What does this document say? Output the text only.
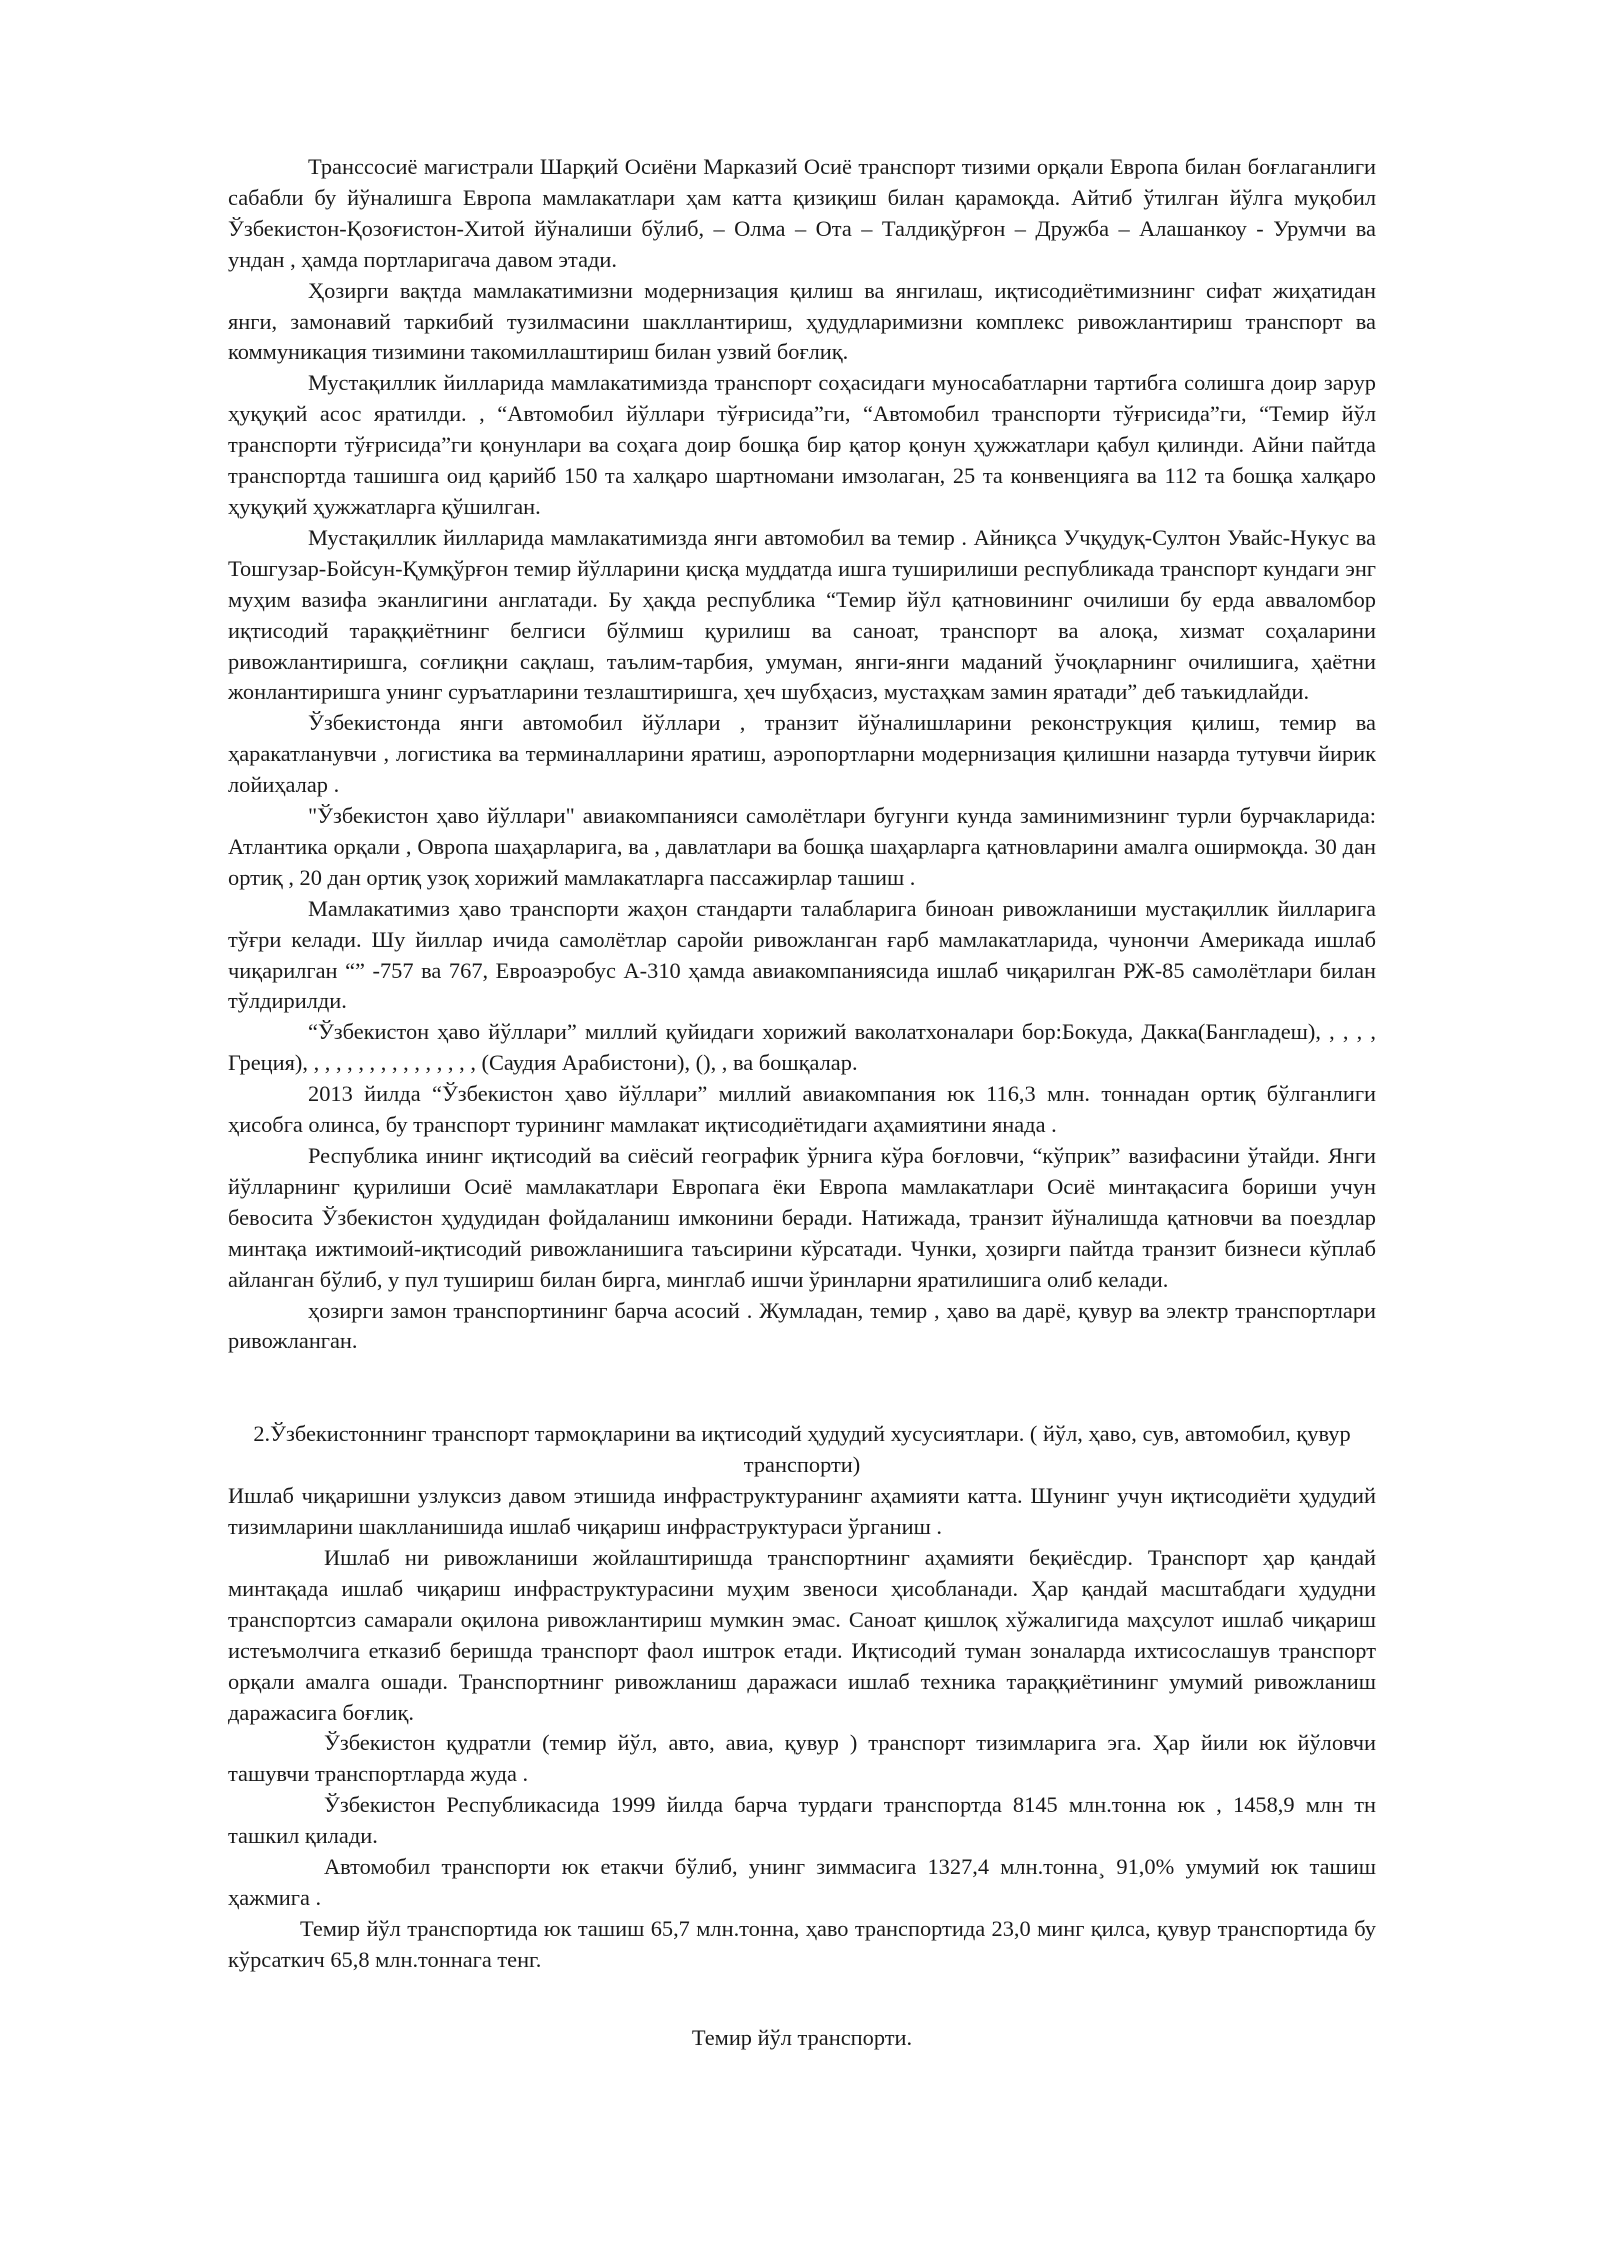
Транссосиё магистрали Шарқий Осиёни Марказий Осиё транспорт тизими орқали Европа билан боғлаганлиги сабабли бу йўналишга Европа мамлакатлари ҳам катта қизиқиш билан қарамоқда. Айтиб ўтилган йўлга муқобил Ўзбекистон-Қозоғистон-Хитой йўналиши бўлиб, – Олма – Ота – Талдиқўрғон – Дружба – Алашанкоу - Урумчи ва ундан , ҳамда портларигача давом этади.

Ҳозирги вақтда мамлакатимизни модернизация қилиш ва янгилаш, иқтисодиётимизнинг сифат жиҳатидан янги, замонавий таркибий тузилмасини шакллантириш, ҳудудларимизни комплекс ривожлантириш транспорт ва коммуникация тизимини такомиллаштириш билан узвий боғлиқ.

Мустақиллик йилларида мамлакатимизда транспорт соҳасидаги муносабатларни тартибга солишга доир зарур ҳуқуқий асос яратилди. , “Автомобил йўллари тўғрисида”ги, “Автомобил транспорти тўғрисида”ги, “Темир йўл транспорти тўғрисида”ги қонунлари ва соҳага доир бошқа бир қатор қонун ҳужжатлари қабул қилинди. Айни пайтда транспортда ташишга оид қарийб 150 та халқаро шартномани имзолаган, 25 та конвенцияга ва 112 та бошқа халқаро ҳуқуқий ҳужжатларга қўшилган.

Мустақиллик йилларида мамлакатимизда янги автомобил ва темир . Айниқса Учқудуқ-Султон Увайс-Нукус ва Тошгузар-Бойсун-Қумқўрғон темир йўлларини қисқа муддатда ишга туширилиши республикада транспорт кундаги энг муҳим вазифа эканлигини англатади. Бу ҳақда республика “Темир йўл қатновининг очилиши бу ерда авваломбор иқтисодий тараққиётнинг белгиси бўлмиш қурилиш ва саноат, транспорт ва алоқа, хизмат соҳаларини ривожлантиришга, соғлиқни сақлаш, таълим-тарбия, умуман, янги-янги маданий ўчоқларнинг очилишига, ҳаётни жонлантиришга унинг суръатларини тезлаштиришга, ҳеч шубҳасиз, мустаҳкам замин яратади” деб таъкидлайди.

Ўзбекистонда янги автомобил йўллари , транзит йўналишларини реконструкция қилиш, темир ва ҳаракатланувчи , логистика ва терминалларини яратиш, аэропортларни модернизация қилишни назарда тутувчи йирик лойиҳалар .

"Ўзбекистон ҳаво йўллари" авиакомпанияси самолётлари бугунги кунда заминимизнинг турли бурчакларида: Атлантика орқали , Овропа шаҳарларига, ва , давлатлари ва бошқа шаҳарларга қатновларини амалга оширмоқда. 30 дан ортиқ , 20 дан ортиқ узоқ хорижий мамлакатларга пассажирлар ташиш .

Мамлакатимиз ҳаво транспорти жаҳон стандарти талабларига биноан ривожланиши мустақиллик йилларига тўғри келади. Шу йиллар ичида самолётлар саройи ривожланган ғарб мамлакатларида, чунончи Америкада ишлаб чиқарилган “” -757 ва 767, Евроаэробус А-310 ҳамда авиакомпаниясида ишлаб чиқарилган РЖ-85 самолётлари билан тўлдирилди.

“Ўзбекистон ҳаво йўллари” миллий қуйидаги хорижий ваколатхоналари бор:Бокуда, Дакка(Бангладеш), , , , , Греция), , , , , , , , , , , , , , , , (Саудия Арабистони), (), , ва бошқалар.

2013 йилда “Ўзбекистон ҳаво йўллари” миллий авиакомпания юк 116,3 млн. тоннадан ортиқ бўлганлиги ҳисобга олинса, бу транспорт турининг мамлакат иқтисодиётидаги аҳамиятини янада .

Республика ининг иқтисодий ва сиёсий географик ўрнига кўра боғловчи, “кўприк” вазифасини ўтайди. Янги йўлларнинг қурилиши Осиё мамлакатлари Европага ёки Европа мамлакатлари Осиё минтақасига бориши учун бевосита Ўзбекистон ҳудудидан фойдаланиш имконини беради. Натижада, транзит йўналишда қатновчи ва поездлар минтақа ижтимоий-иқтисодий ривожланишига таъсирини кўрсатади. Чунки, ҳозирги пайтда транзит бизнеси кўплаб айланган бўлиб, у пул тушириш билан бирга, минглаб ишчи ўринларни яратилишига олиб келади.

ҳозирги замон транспортининг барча асосий . Жумладан, темир , ҳаво ва дарё, қувур ва электр транспортлари ривожланган.

2.Ўзбекистоннинг транспорт тармоқларини ва иқтисодий ҳудудий хусусиятлари. ( йўл, ҳаво, сув, автомобил, қувур транспорти)

Ишлаб чиқаришни узлуксиз давом этишида инфраструктуранинг аҳамияти катта. Шунинг учун иқтисодиёти ҳудудий тизимларини шаклланишида ишлаб чиқариш инфраструктураси ўрганиш .

Ишлаб ни ривожланиши жойлаштиришда транспортнинг аҳамияти беқиёсдир. Транспорт ҳар қандай минтақада ишлаб чиқариш инфраструктурасини муҳим звеноси ҳисобланади. Ҳар қандай масштабдаги ҳудудни транспортсиз самарали оқилона ривожлантириш мумкин эмас. Саноат қишлоқ хўжалигида маҳсулот ишлаб чиқариш истеъмолчига етказиб беришда транспорт фаол иштрок етади. Иқтисодий туман зоналарда ихтисослашув транспорт орқали амалга ошади. Транспортнинг ривожланиш даражаси ишлаб техника тараққиётининг умумий ривожланиш даражасига боғлиқ.

Ўзбекистон қудратли (темир йўл, авто, авиа, қувур ) транспорт тизимларига эга. Ҳар йили юк йўловчи ташувчи транспортларда жуда .

Ўзбекистон Республикасида 1999 йилда барча турдаги транспортда 8145 млн.тонна юк , 1458,9 млн тн ташкил қилади.

Автомобил транспорти юк етакчи бўлиб, унинг зиммасига 1327,4 млн.тонна¸ 91,0% умумий юк ташиш ҳажмига .

Темир йўл транспортида юк ташиш 65,7 млн.тонна, ҳаво транспортида 23,0 минг қилса, қувур транспортида бу кўрсаткич 65,8 млн.тоннага тенг.

Темир йўл транспорти.
